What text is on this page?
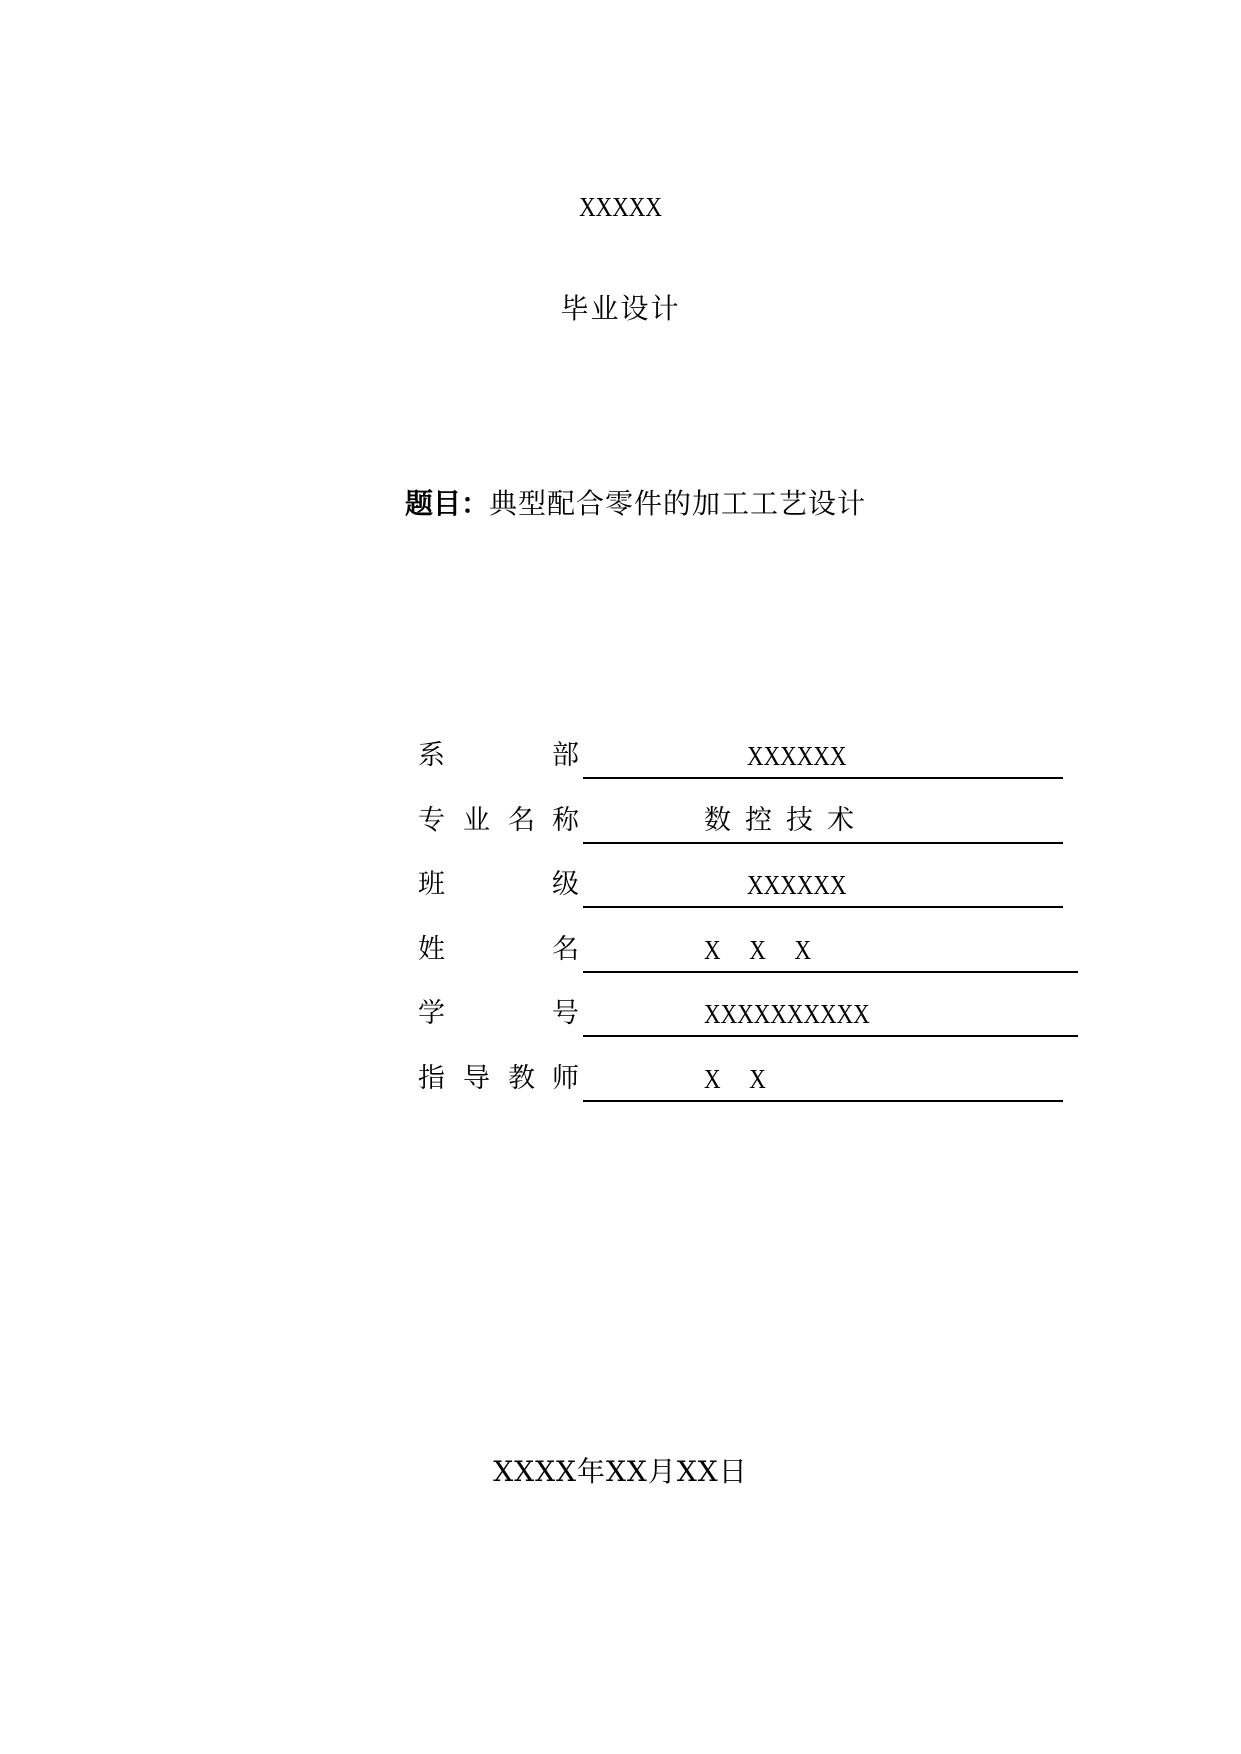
XXXXX
毕业设计
题目：典型配合零件的加工工艺设计
系	部	XXXXXX
专 业 名 称	数控技术
班	级	XXXXXX
姓	名	X     X     X
学	号	XXXXXXXXXX
指 导 教 师	X     X
XXXX年XX月XX日
